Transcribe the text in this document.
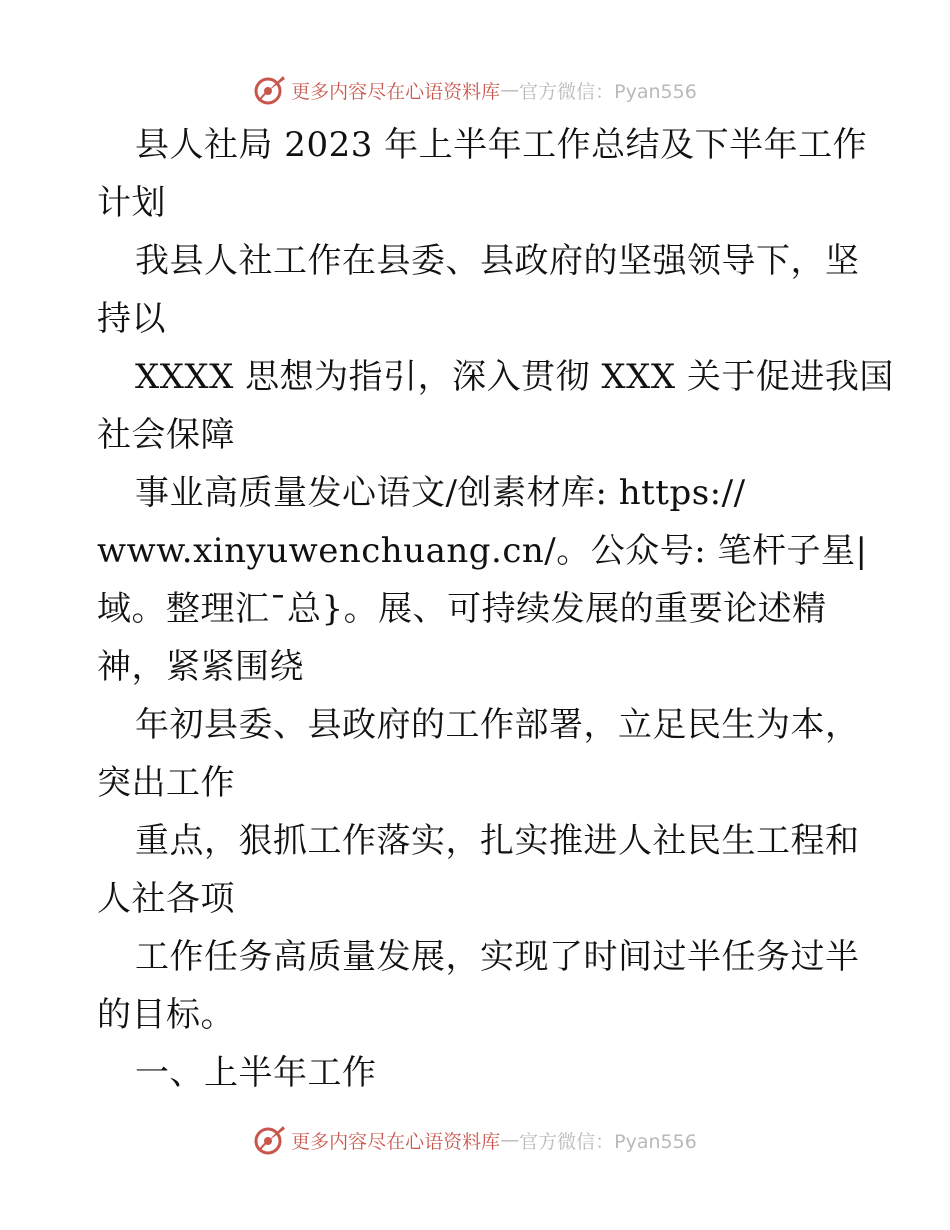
更多内容尽在心语资料库 — 官方微信：Pyan556
县人社局 2023 年上半年工作总结及下半年工作
计划
我县人社工作在县委、县政府的坚强领导下，坚
持以
XXXX 思想为指引，深入贯彻 XXX 关于促进我国
社会保障
事业高质量发心语文/创素材库: https://
www.xinyuwenchuang.cn/。公众号: 笔杆子星|
域。整理汇¯总}。展、可持续发展的重要论述精
神，紧紧围绕
年初县委、县政府的工作部署，立足民生为本，
突出工作
重点，狠抓工作落实，扎实推进人社民生工程和
人社各项
工作任务高质量发展，实现了时间过半任务过半
的目标。
一、上半年工作
更多内容尽在心语资料库 — 官方微信：Pyan556
